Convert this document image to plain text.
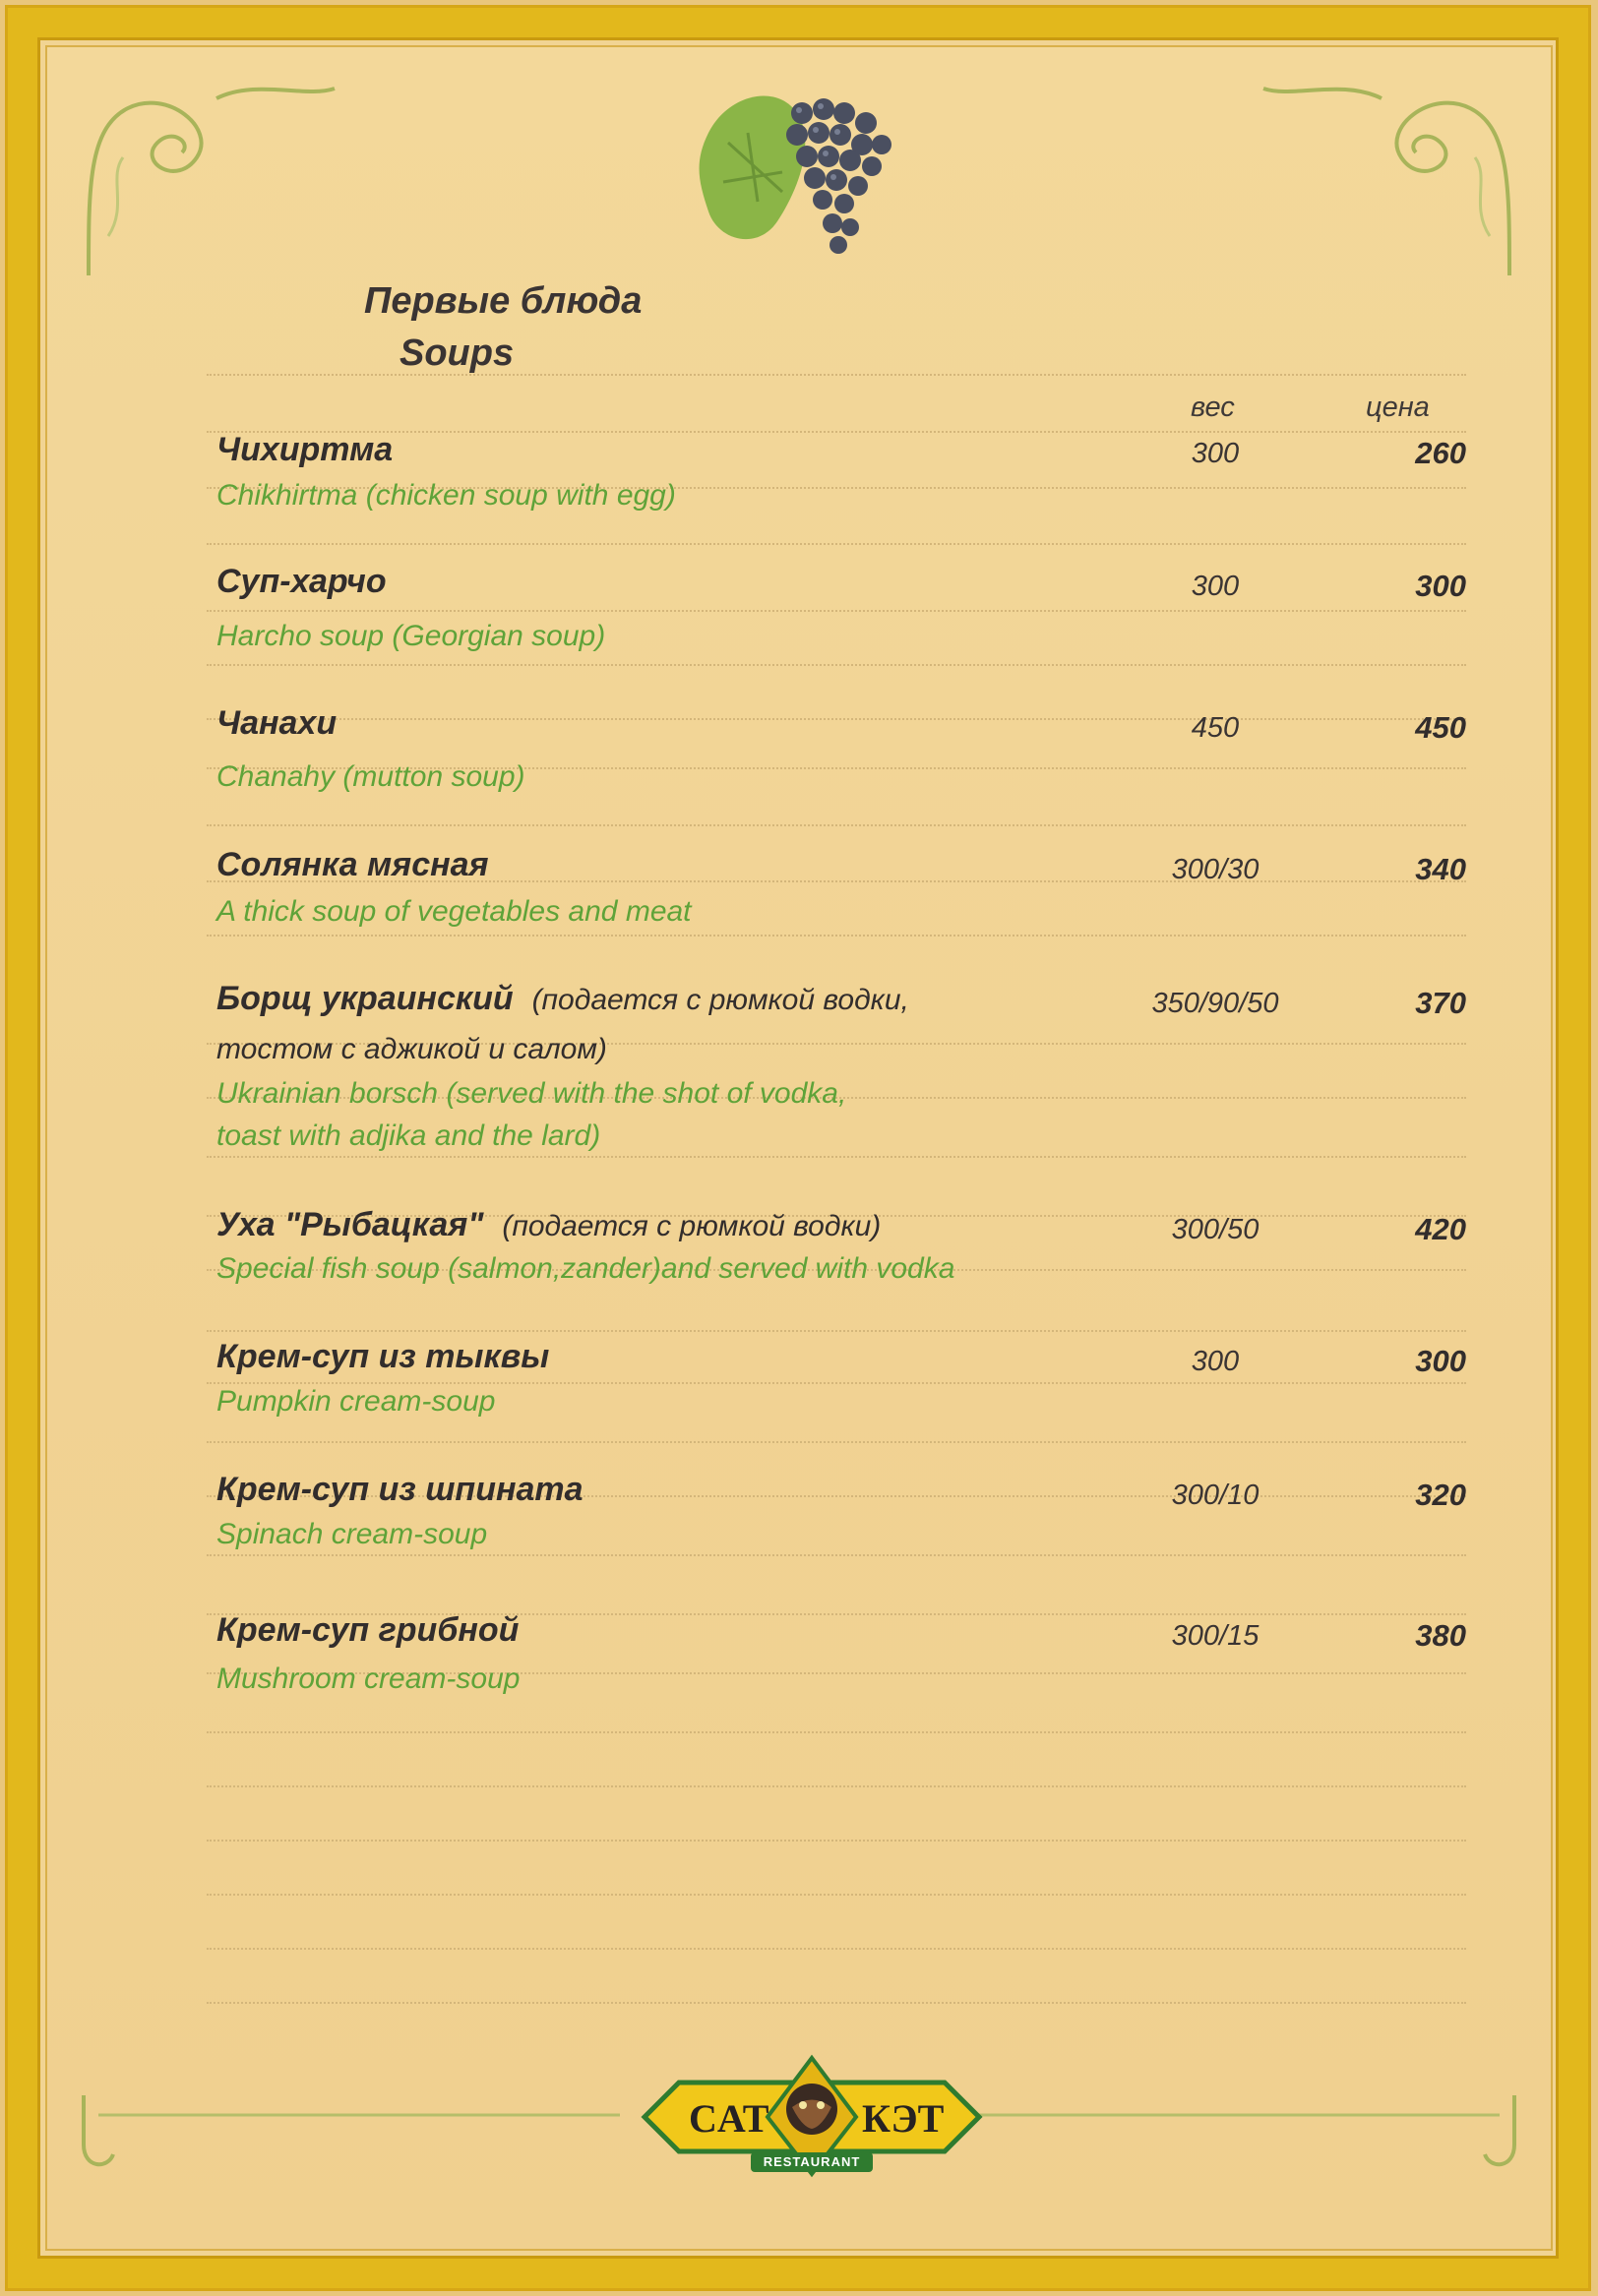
Первые блюда
Soups
вес	цена
Чихиртма	300	260
Chikhirtma (chicken soup with egg)
Суп-харчо	300	300
Harcho soup (Georgian soup)
Чанахи	450	450
Chanahy (mutton soup)
Солянка мясная	300/30	340
A thick soup of vegetables and meat
Борщ украинский (подается с рюмкой водки,	350/90/50	370
тостом с аджикой и салом)
Ukrainian borsch (served with the shot of vodka,
toast with adjika and the lard)
Уха "Рыбацкая" (подается с рюмкой водки)	300/50	420
Special fish soup (salmon,zander)and served with vodka
Крем-суп из тыквы	300	300
Pumpkin cream-soup
Крем-суп из шпината	300/10	320
Spinach cream-soup
Крем-суп грибной	300/15	380
Mushroom cream-soup
CAT КЭТ
RESTAURANT
